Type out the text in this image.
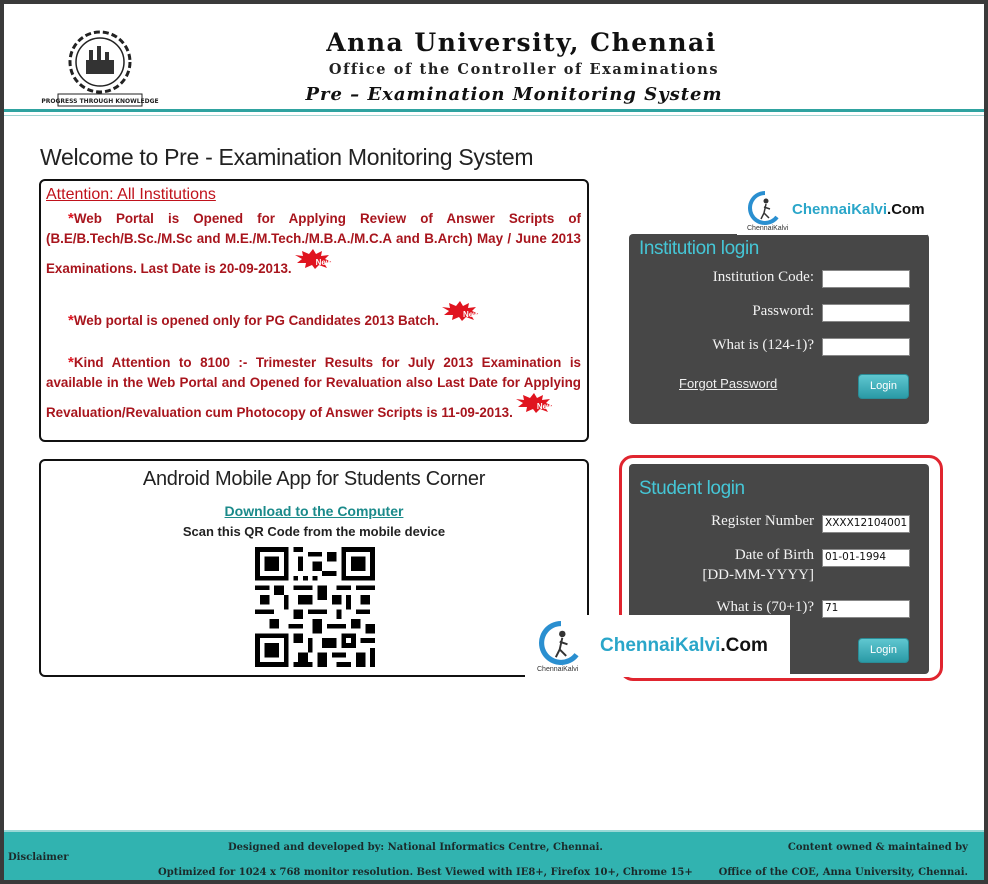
PROGRESS THROUGH KNOWLEDGE
Anna University, Chennai
Office of the Controller of Examinations
Pre – Examination Monitoring System
Welcome to Pre - Examination Monitoring System
Attention: All Institutions

*Web Portal is Opened for Applying Review of Answer Scripts of (B.E/B.Tech/B.Sc./M.Sc and M.E./M.Tech./M.B.A./M.C.A and B.Arch) May / June 2013 Examinations. Last Date is 20-09-2013.	New

*Web portal is opened only for PG Candidates 2013 Batch.	New

*Kind Attention to 8100 :- Trimester Results for July 2013 Examination is available in the Web Portal and Opened for Revaluation also Last Date for Applying Revaluation/Revaluation cum Photocopy of Answer Scripts is 11-09-2013.	New

Android Mobile App for Students Corner
Download to the Computer
Scan this QR Code from the mobile device
Institution login
Institution Code:
Password:
What is (124-1)?
Forgot Password	Login
Student login
Register Number XXXX12104001
Date of Birth
[DD-MM-YYYY]
01-01-1994
What is (70+1)? 71
Login
ChennaiKalvi
ChennaiKalvi.Com
ChennaiKalvi
ChennaiKalvi.Com
Disclaimer
Designed and developed by: National Informatics Centre, Chennai.
Optimized for 1024 x 768 monitor resolution. Best Viewed with IE8+, Firefox 10+, Chrome 15+
Content owned & maintained by
Office of the COE, Anna University, Chennai.
